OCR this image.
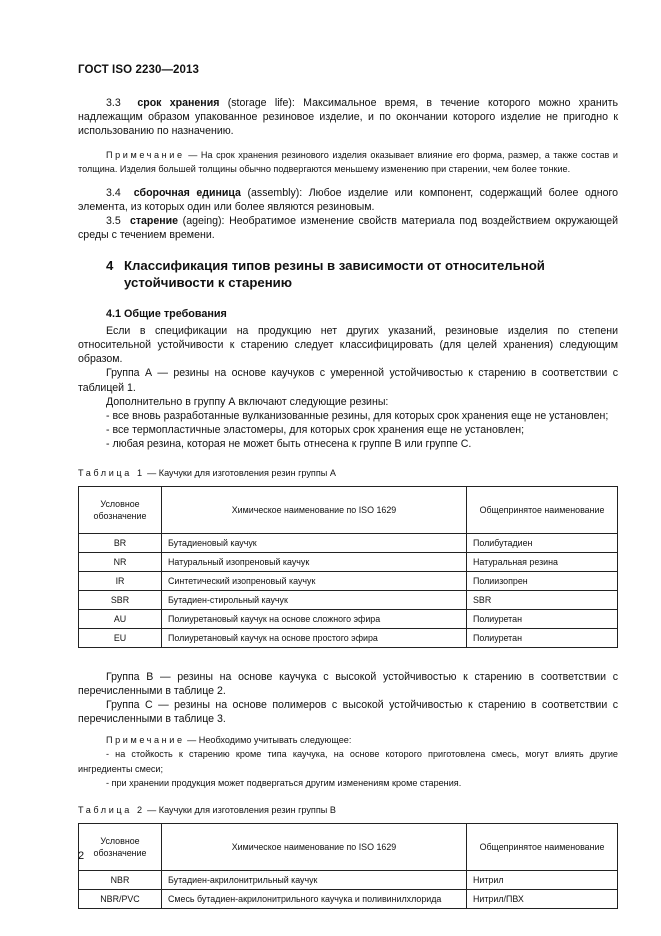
ГОСТ ISO 2230—2013

3.3 срок хранения (storage life): Максимальное время, в течение которого можно хранить надлежащим образом упакованное резиновое изделие, и по окончании которого изделие не пригодно к использованию по назначению.

Примечание — На срок хранения резинового изделия оказывает влияние его форма, размер, а также состав и толщина. Изделия большей толщины обычно подвергаются меньшему изменению при старении, чем более тонкие.

3.4 сборочная единица (assembly): Любое изделие или компонент, содержащий более одного элемента, из которых один или более являются резиновым.

3.5 старение (ageing): Необратимое изменение свойств материала под воздействием окружающей среды с течением времени.

4 Классификация типов резины в зависимости от относительной
устойчивости к старению

4.1 Общие требования

Если в спецификации на продукцию нет других указаний, резиновые изделия по степени относительной устойчивости к старению следует классифицировать (для целей хранения) следующим образом.

Группа А — резины на основе каучуков с умеренной устойчивостью к старению в соответствии с таблицей 1.

Дополнительно в группу А включают следующие резины:

- все вновь разработанные вулканизованные резины, для которых срок хранения еще не установлен;

- все термопластичные эластомеры, для которых срок хранения еще не установлен;

- любая резина, которая не может быть отнесена к группе В или группе С.

Таблица 1 — Каучуки для изготовления резин группы А

Условное обозначение	Химическое наименование по ISO 1629	Общепринятое наименование
BR	Бутадиеновый каучук	Полибутадиен
NR	Натуральный изопреновый каучук	Натуральная резина
IR	Синтетический изопреновый каучук	Полиизопрен
SBR	Бутадиен-стирольный каучук	SBR
AU	Полиуретановый каучук на основе сложного эфира	Полиуретан
EU	Полиуретановый каучук на основе простого эфира	Полиуретан

Группа В — резины на основе каучука с высокой устойчивостью к старению в соответствии с перечисленными в таблице 2.

Группа С — резины на основе полимеров с высокой устойчивостью к старению в соответствии с перечисленными в таблице 3.

Примечание — Необходимо учитывать следующее:

- на стойкость к старению кроме типа каучука, на основе которого приготовлена смесь, могут влиять другие ингредиенты смеси;

- при хранении продукция может подвергаться другим изменениям кроме старения.

Таблица 2 — Каучуки для изготовления резин группы В

Условное обозначение	Химическое наименование по ISO 1629	Общепринятое наименование
NBR	Бутадиен-акрилонитрильный каучук	Нитрил
NBR/PVC	Смесь бутадиен-акрилонитрильного каучука и поливинилхлорида	Нитрил/ПВХ
2
